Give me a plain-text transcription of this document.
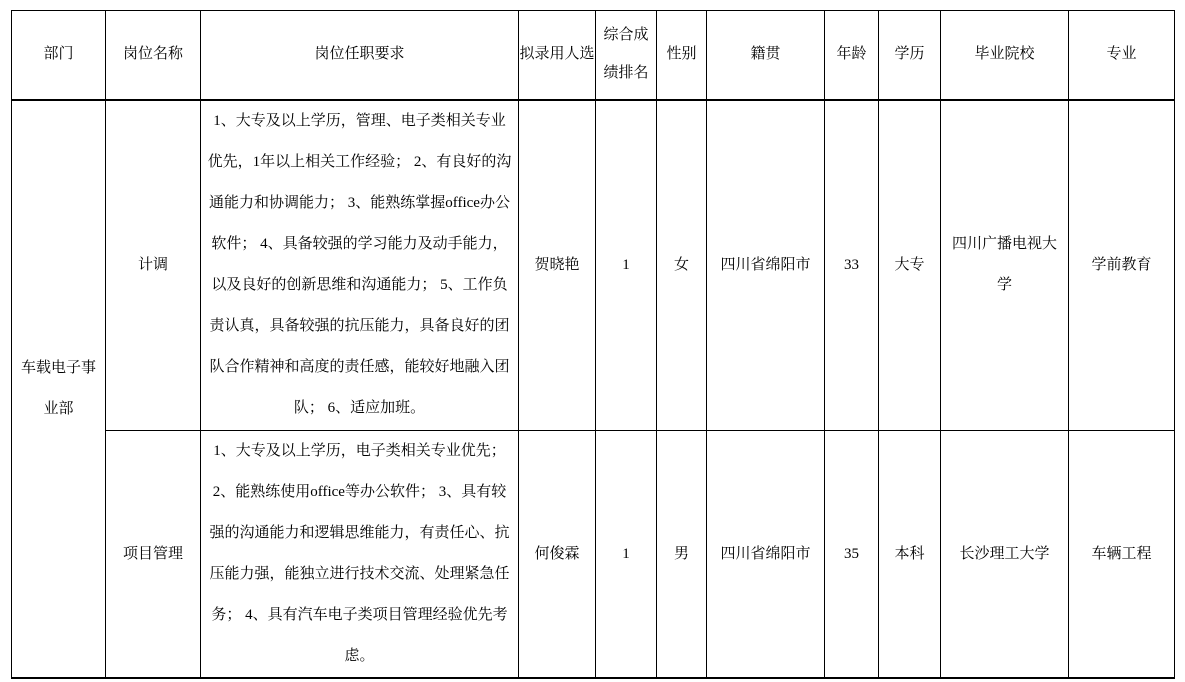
部门	岗位名称	岗位任职要求	拟录用人选	综合成绩排名	性别	籍贯	年龄	学历	毕业院校	专业
车载电子事业部	计调	1、大专及以上学历，管理、电子类相关专业优先，1年以上相关工作经验； 2、有良好的沟通能力和协调能力； 3、能熟练掌握office办公软件； 4、具备较强的学习能力及动手能力，以及良好的创新思维和沟通能力； 5、工作负责认真，具备较强的抗压能力，具备良好的团队合作精神和高度的责任感，能较好地融入团队； 6、适应加班。	贺晓艳	1	女	四川省绵阳市	33	大专	四川广播电视大学	学前教育
	项目管理	1、大专及以上学历，电子类相关专业优先； 2、能熟练使用office等办公软件； 3、具有较强的沟通能力和逻辑思维能力，有责任心、抗压能力强，能独立进行技术交流、处理紧急任务； 4、具有汽车电子类项目管理经验优先考虑。	何俊霖	1	男	四川省绵阳市	35	本科	长沙理工大学	车辆工程
